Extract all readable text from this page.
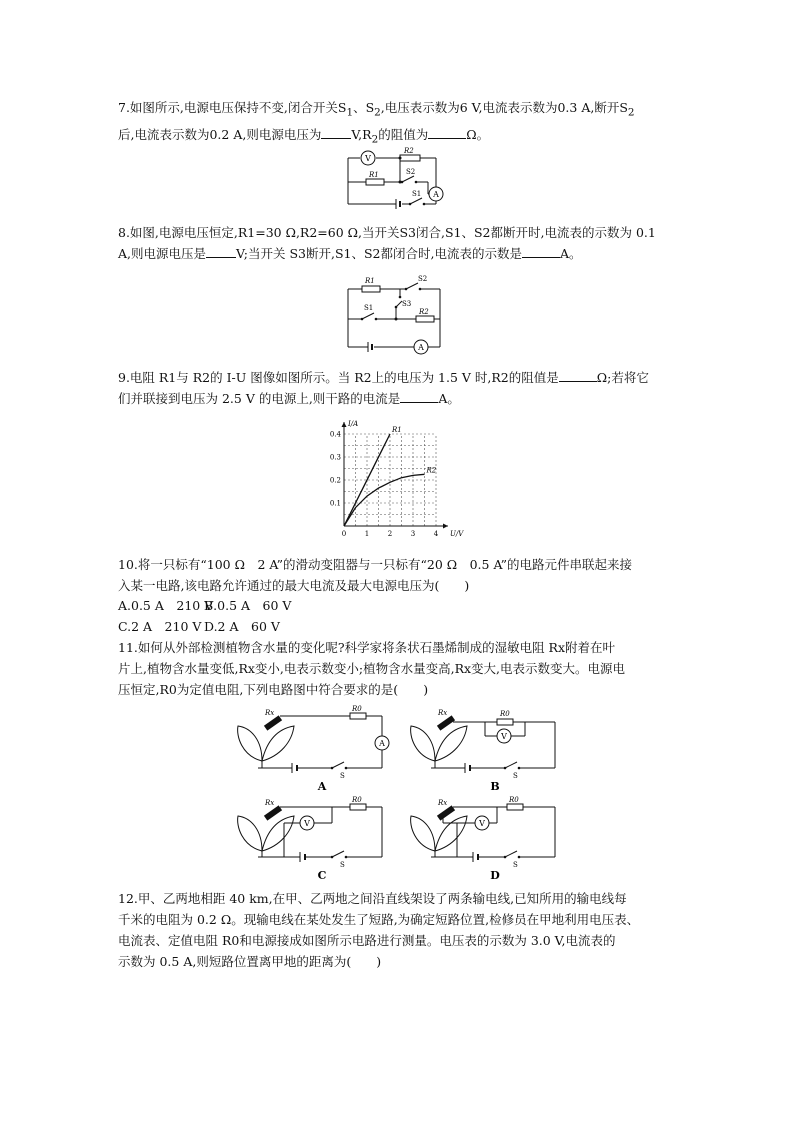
7.如图所示,电源电压保持不变,闭合开关$S_1$、$S_2$,电压表示数为6 V,电流表示数为0.3 A,断开$S_2$
后,电流表示数为0.2 A,则电源电压为 $V,R_2$的阻值为	Ω。

V
A
R2
R1	S2
S1

8.如图,电源电压恒定,R1=30 Ω,R2=60 Ω,当开关S3闭合,S1、S2都断开时,电流表的示数为 0.1
A,则电源电压是 V;当开关 S3断开,S1、S2都闭合时,电流表的示数是	A。

A
R1
R2
S2
S1	S3

9.电阻 R1与 R2的 I-U 图像如图所示。当 R2上的电压为 1.5 V 时,R2的阻值是	Ω;若将它
们并联接到电压为 2.5 V 的电源上,则干路的电流是	A。

0	1	2	3	4
0.1
0.2
0.3
0.4
U/V
I/A
R1
R2

10.将一只标有“100 Ω　2 A”的滑动变阻器与一只标有“20 Ω　0.5 A”的电路元件串联起来接
入某一电路,该电路允许通过的最大电流及最大电源电压为(　　)

A.0.5 A　210 V
B.0.5 A　60 V
C.2 A　210 V D.2 A　60 V

11.如何从外部检测植物含水量的变化呢?科学家将条状石墨烯制成的湿敏电阻 Rx附着在叶
片上,植物含水量变低,Rx变小,电表示数变小;植物含水量变高,Rx变大,电表示数变大。电源电
压恒定,R0为定值电阻,下列电路图中符合要求的是(　　)

A
Rx	R0
S
A
V
Rx	R0
S
B
V
Rx	R0
S
C
V
Rx	R0
S
D

12.甲、乙两地相距 40 km,在甲、乙两地之间沿直线架设了两条输电线,已知所用的输电线每
千米的电阻为 0.2 Ω。现输电线在某处发生了短路,为确定短路位置,检修员在甲地利用电压表、
电流表、定值电阻 R0和电源接成如图所示电路进行测量。电压表的示数为 3.0 V,电流表的
示数为 0.5 A,则短路位置离甲地的距离为(　　)
